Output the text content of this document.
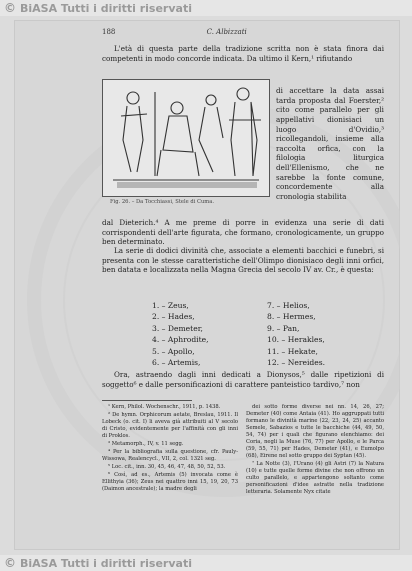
© BiASA Tutti i diritti riservati
188	C. Albizzati

L'età di questa parte della tradizione scritta non è stata finora dai competenti in modo concorde indicata. Da ultimo il Kern,¹ rifiutando

Fig. 26. – Da Tocchiassi, Stele di Cuma.

di accettare la data assai tarda proposta dal Foerster,² cito come parallelo per gli appellativi dionisiaci un luogo d'Ovidio,³ ricollegandoli, insieme alla raccolta orfica, con la filologia liturgica dell'Ellenismo, che ne sarebbe la fonte comune, concordemente alla cronologia stabilita

dal Dieterich.⁴ A me preme di porre in evidenza una serie di dati corrispondenti dell'arte figurata, che formano, cronologicamente, un gruppo ben determinato.

La serie di dodici divinità che, associate a elementi bacchici e funebri, si presenta con le stesse caratteristiche dell'Olimpo dionisiaco degli inni orfici, ben datata e localizzata nella Magna Grecia del secolo IV av. Cr., è questa:

1. – Zeus,	7. – Helios,
2. – Hades,	8. – Hermes,
3. – Demeter,	9. – Pan,
4. – Aphrodite,	10. – Herakles,
5. – Apollo,	11. – Hekate,
6. – Artemis,	12. – Nereides.

Ora, astraendo dagli inni dedicati a Dionysos,⁵ dalle ripetizioni di soggetto⁶ e dalle personificazioni di carattere panteistico tardivo,⁷ non

¹ Kern, Philol. Wochenschr., 1911, p. 1438.

² De hymn. Orphicorum aetate, Breslau, 1911. Il Lobeck (o. cit. I) li aveva già attribuiti al V secolo di Cristo, evidentemente per l'affinità con gli inni di Proklos.

³ Metamorph., IV, v. 11 segg.

⁴ Per la bibliografia sulla questione, cfr. Pauly-Wissowa, Realencycl., VII, 2, col. 1321 seg.

⁵ Loc. cit., inn. 30, 45, 46, 47, 48, 50, 52, 53.

⁶ Così, ad es., Artemis (5) invocata come è Ellithyia (36); Zeus nei quattro inni 15, 19, 20, 73 (Daimon ancestrale); la madre degli

dei sotto forme diverse nei nn. 14, 26, 27; Demeter (40) come Antaia (41). Ho aggruppati tutti formano le divinità marine (22, 23, 24, 25) accanto Semele, Sabazios e tutte le bacchiche (44, 49, 50, 54, 74) per i quali che figurano elenchiamo: dei Coria, negli la Muse (76, 77) per Apollo, e le Parca (59, 55, 71) per Hades, Demeter (41), e Eumolpo (68), Eirene nel sotto gruppo dei Syptan (45).

⁷ La Notte (3), l'Urano (4) gli Astri (7) la Natura (10) e tutte quelle forme divine che non offrono un culto parallelo, e appartengono soltanto come personificazioni d'idee astratte nella tradizione letteraria. Solamente Nyx citate

© BiASA Tutti i diritti riservati
